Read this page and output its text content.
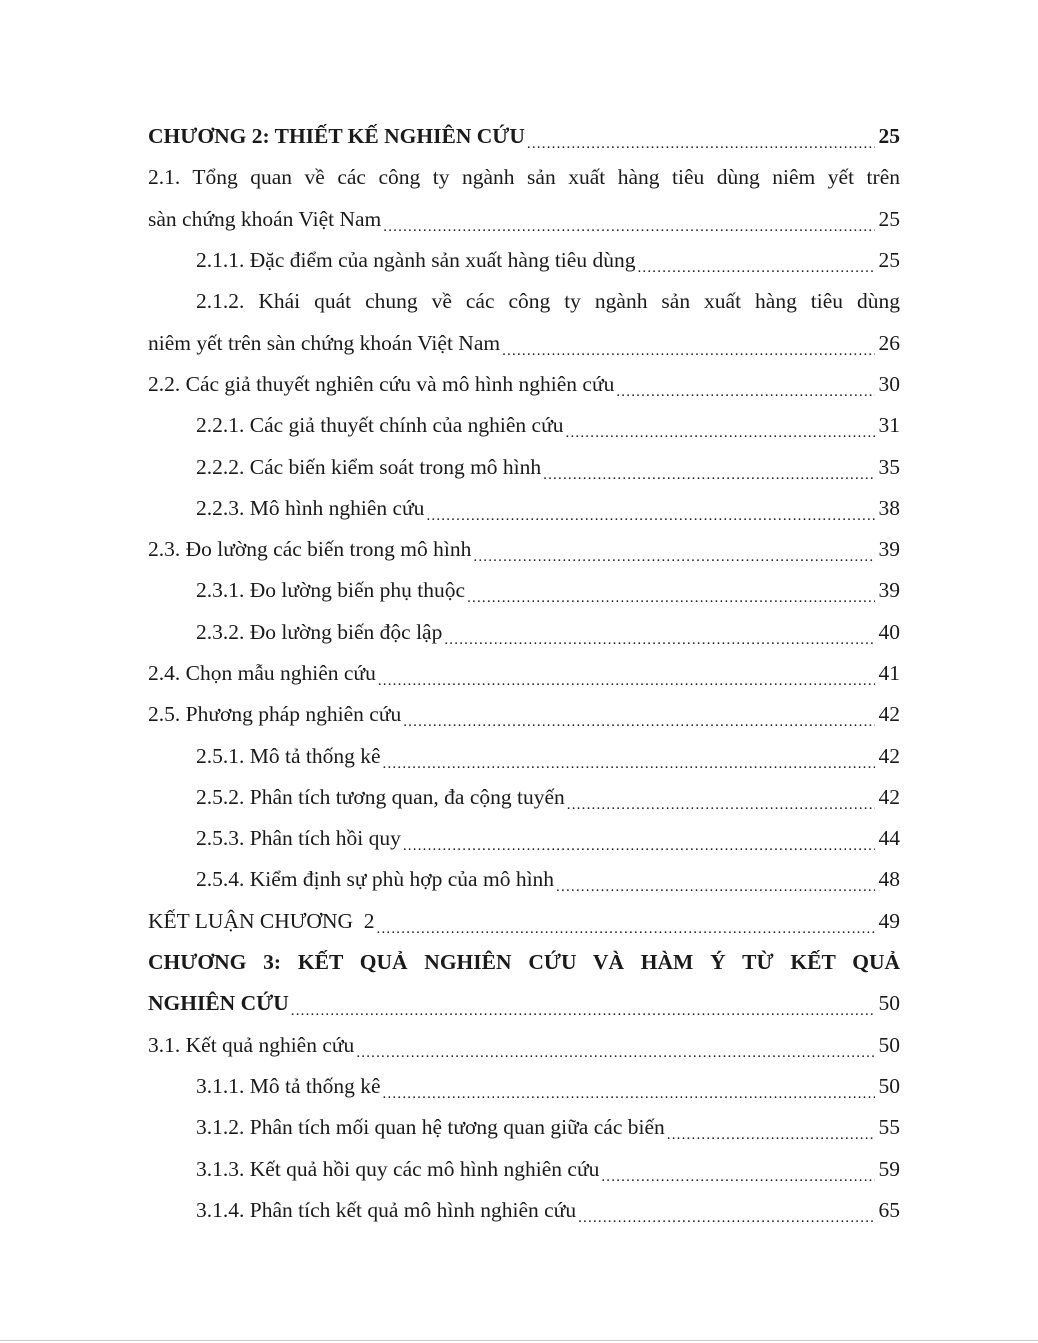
CHƯƠNG 2: THIẾT KẾ NGHIÊN CỨU .....	25
2.1. Tổng quan về các công ty ngành sản xuất hàng tiêu dùng niêm yết trên
sàn chứng khoán Việt Nam .....	25
2.1.1. Đặc điểm của ngành sản xuất hàng tiêu dùng .....	25
2.1.2. Khái quát chung về các công ty ngành sản xuất hàng tiêu dùng
niêm yết trên sàn chứng khoán Việt Nam .....	26
2.2. Các giả thuyết nghiên cứu và mô hình nghiên cứu .....	30
2.2.1. Các giả thuyết chính của nghiên cứu .....	31
2.2.2. Các biến kiểm soát trong mô hình .....	35
2.2.3. Mô hình nghiên cứu .....	38
2.3. Đo lường các biến trong mô hình .....	39
2.3.1. Đo lường biến phụ thuộc .....	39
2.3.2. Đo lường biến độc lập .....	40
2.4. Chọn mẫu nghiên cứu .....	41
2.5. Phương pháp nghiên cứu .....	42
2.5.1. Mô tả thống kê .....	42
2.5.2. Phân tích tương quan, đa cộng tuyến .....	42
2.5.3. Phân tích hồi quy .....	44
2.5.4. Kiểm định sự phù hợp của mô hình .....	48
KẾT LUẬN CHƯƠNG  2 .....	49
CHƯƠNG 3: KẾT QUẢ NGHIÊN CỨU VÀ HÀM Ý TỪ KẾT QUẢ
NGHIÊN CỨU .....	50
3.1. Kết quả nghiên cứu .....	50
3.1.1. Mô tả thống kê .....	50
3.1.2. Phân tích mối quan hệ tương quan giữa các biến .....	55
3.1.3. Kết quả hồi quy các mô hình nghiên cứu .....	59
3.1.4. Phân tích kết quả mô hình nghiên cứu .....	65
